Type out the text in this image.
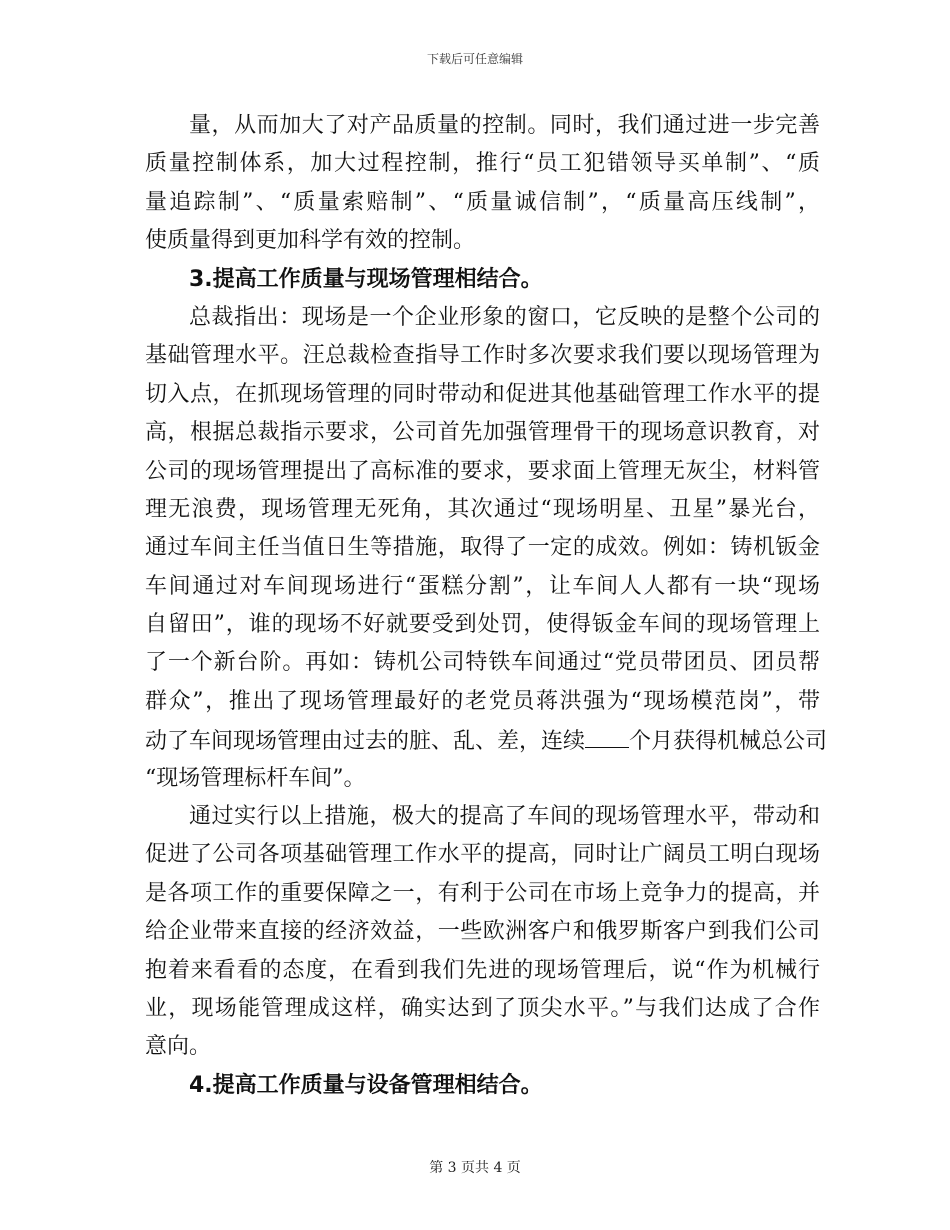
下载后可任意编辑
量，从而加大了对产品质量的控制。同时，我们通过进一步完善
质量控制体系，加大过程控制，推行“员工犯错领导买单制”、“质
量追踪制”、“质量索赔制”、“质量诚信制”，“质量高压线制”，
使质量得到更加科学有效的控制。
3.提高工作质量与现场管理相结合。
总裁指出：现场是一个企业形象的窗口，它反映的是整个公司的
基础管理水平。汪总裁检查指导工作时多次要求我们要以现场管理为
切入点，在抓现场管理的同时带动和促进其他基础管理工作水平的提
高，根据总裁指示要求，公司首先加强管理骨干的现场意识教育，对
公司的现场管理提出了高标准的要求，要求面上管理无灰尘，材料管
理无浪费，现场管理无死角，其次通过“现场明星、丑星”暴光台，
通过车间主任当值日生等措施，取得了一定的成效。例如：铸机钣金
车间通过对车间现场进行“蛋糕分割”，让车间人人都有一块“现场
自留田”，谁的现场不好就要受到处罚，使得钣金车间的现场管理上
了一个新台阶。再如：铸机公司特铁车间通过“党员带团员、团员帮
群众”，推出了现场管理最好的老党员蒋洪强为“现场模范岗”，带
动了车间现场管理由过去的脏、乱、差，连续 个月获得机械总公司
“现场管理标杆车间”。
通过实行以上措施，极大的提高了车间的现场管理水平，带动和
促进了公司各项基础管理工作水平的提高，同时让广阔员工明白现场
是各项工作的重要保障之一，有利于公司在市场上竞争力的提高，并
给企业带来直接的经济效益，一些欧洲客户和俄罗斯客户到我们公司
抱着来看看的态度，在看到我们先进的现场管理后，说“作为机械行
业，现场能管理成这样，确实达到了顶尖水平。”与我们达成了合作
意向。
4.提高工作质量与设备管理相结合。
第 3 页共 4 页
